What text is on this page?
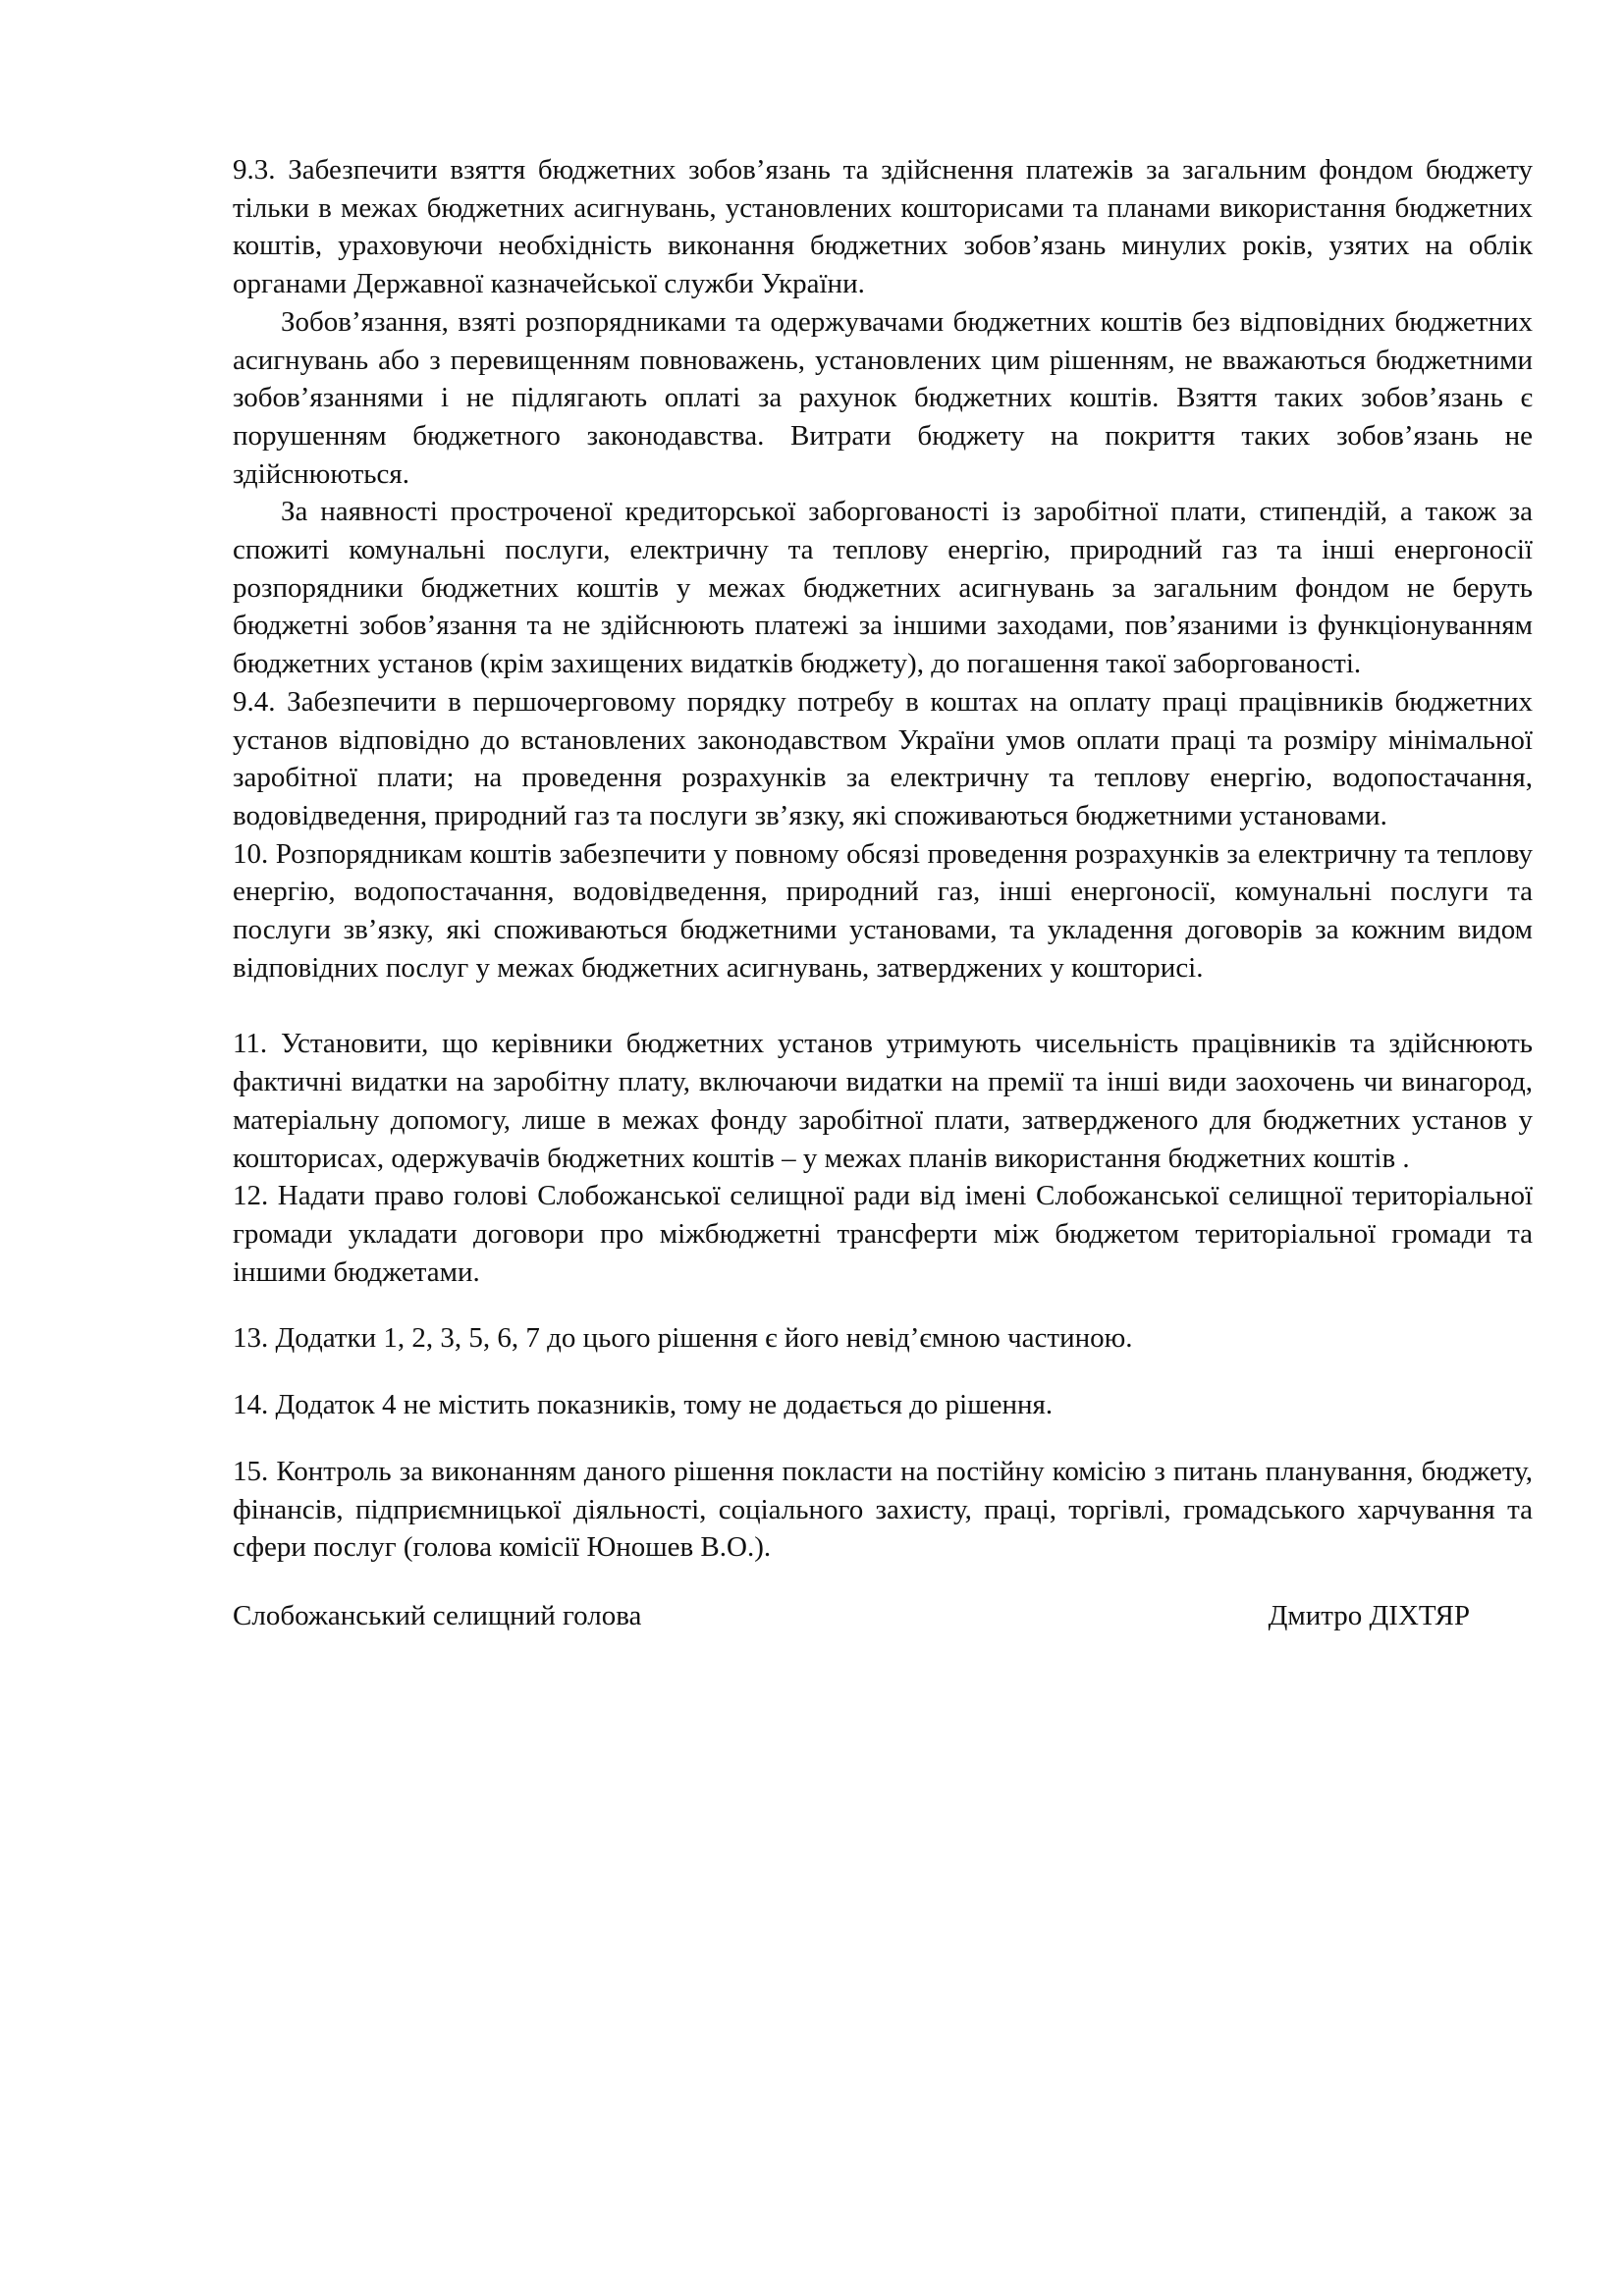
9.3. Забезпечити взяття бюджетних зобов’язань та здійснення платежів за загальним фондом бюджету тільки в межах бюджетних асигнувань, установлених кошторисами та планами використання бюджетних коштів, ураховуючи необхідність виконання бюджетних зобов’язань минулих років, узятих на облік органами Державної казначейської служби України.

Зобов’язання, взяті розпорядниками та одержувачами бюджетних коштів без відповідних бюджетних асигнувань або з перевищенням повноважень, установлених цим рішенням, не вважаються бюджетними зобов’язаннями і не підлягають оплаті за рахунок бюджетних коштів. Взяття таких зобов’язань є порушенням бюджетного законодавства. Витрати бюджету на покриття таких зобов’язань не здійснюються.

За наявності простроченої кредиторської заборгованості із заробітної плати, стипендій, а також за спожиті комунальні послуги, електричну та теплову енергію, природний газ та інші енергоносії розпорядники бюджетних коштів у межах бюджетних асигнувань за загальним фондом не беруть бюджетні зобов’язання та не здійснюють платежі за іншими заходами, пов’язаними із функціонуванням бюджетних установ (крім захищених видатків бюджету), до погашення такої заборгованості.

9.4. Забезпечити в першочерговому порядку потребу в коштах на оплату праці працівників бюджетних установ відповідно до встановлених законодавством України умов оплати праці та розміру мінімальної заробітної плати; на проведення розрахунків за електричну та теплову енергію, водопостачання, водовідведення, природний газ та послуги зв’язку, які споживаються бюджетними установами.

10. Розпорядникам коштів забезпечити у повному обсязі проведення розрахунків за електричну та теплову енергію, водопостачання, водовідведення, природний газ, інші енергоносії, комунальні послуги та послуги зв’язку, які споживаються бюджетними установами, та укладення договорів за кожним видом відповідних послуг у межах бюджетних асигнувань, затверджених у кошторисі.

11. Установити, що керівники бюджетних установ утримують чисельність працівників та здійснюють фактичні видатки на заробітну плату, включаючи видатки на премії та інші види заохочень чи винагород, матеріальну допомогу, лише в межах фонду заробітної плати, затвердженого для бюджетних установ у кошторисах, одержувачів бюджетних коштів – у межах планів використання бюджетних коштів .

12. Надати право голові Слобожанської селищної ради від імені Слобожанської селищної територіальної громади укладати договори про міжбюджетні трансферти між бюджетом територіальної громади та іншими бюджетами.

13. Додатки 1, 2, 3, 5, 6, 7 до цього рішення є його невід’ємною частиною.

14. Додаток 4 не містить показників, тому не додається до рішення.

15. Контроль за виконанням даного рішення покласти на постійну комісію з питань планування, бюджету, фінансів, підприємницької діяльності, соціального захисту, праці, торгівлі, громадського харчування та сфери послуг (голова комісії Юношев В.О.).

Слобожанський селищний голова	Дмитро ДІХТЯР
